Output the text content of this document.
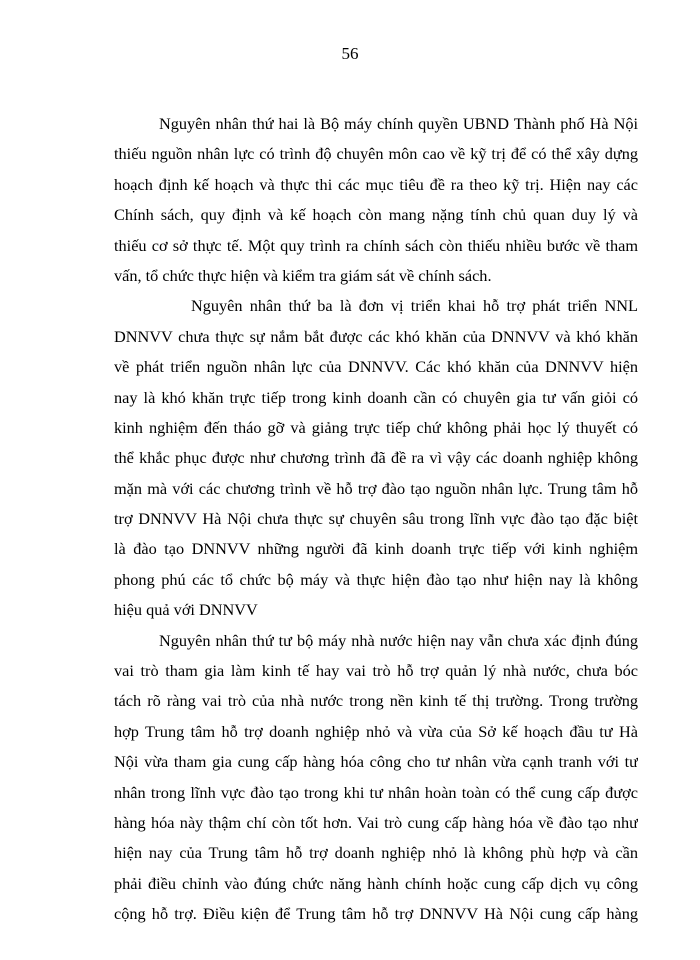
56
Nguyên nhân thứ hai là Bộ máy chính quyền UBND Thành phố Hà Nội
thiếu nguồn nhân lực có trình độ chuyên môn cao về kỹ trị để có thể xây dựng
hoạch định kế hoạch và thực thi các mục tiêu đề ra theo kỹ trị. Hiện nay các
Chính sách, quy định và kế hoạch còn mang nặng tính chủ quan duy lý và
thiếu cơ sở thực tế. Một quy trình ra chính sách còn thiếu nhiều bước về tham
vấn, tổ chức thực hiện và kiểm tra giám sát về chính sách.
Nguyên nhân thứ ba là đơn vị triển khai hỗ trợ phát triển NNL
DNNVV chưa thực sự nắm bắt được các khó khăn của DNNVV và khó khăn
về phát triển nguồn nhân lực của DNNVV. Các khó khăn của DNNVV hiện
nay là khó khăn trực tiếp trong kinh doanh cần có chuyên gia tư vấn giỏi có
kinh nghiệm đến tháo gỡ và giảng trực tiếp chứ không phải học lý thuyết có
thể khắc phục được như chương trình đã đề ra vì vậy các doanh nghiệp không
mặn mà với các chương trình về hỗ trợ đào tạo nguồn nhân lực. Trung tâm hỗ
trợ DNNVV Hà Nội chưa thực sự chuyên sâu trong lĩnh vực đào tạo đặc biệt
là đào tạo DNNVV những người đã kinh doanh trực tiếp với kinh nghiệm
phong phú các tổ chức bộ máy và thực hiện đào tạo như hiện nay là không
hiệu quả với DNNVV
Nguyên nhân thứ tư bộ máy nhà nước hiện nay vẫn chưa xác định đúng
vai trò tham gia làm kinh tế hay vai trò hỗ trợ quản lý nhà nước, chưa bóc
tách rõ ràng vai trò của nhà nước trong nền kinh tế thị trường. Trong trường
hợp Trung tâm hỗ trợ doanh nghiệp nhỏ và vừa của Sở kế hoạch đầu tư Hà
Nội vừa tham gia cung cấp hàng hóa công cho tư nhân vừa cạnh tranh với tư
nhân trong lĩnh vực đào tạo trong khi tư nhân hoàn toàn có thể cung cấp được
hàng hóa này thậm chí còn tốt hơn. Vai trò cung cấp hàng hóa về đào tạo như
hiện nay của Trung tâm hỗ trợ doanh nghiệp nhỏ là không phù hợp và cần
phải điều chỉnh vào đúng chức năng hành chính hoặc cung cấp dịch vụ công
cộng hỗ trợ. Điều kiện để Trung tâm hỗ trợ DNNVV Hà Nội cung cấp hàng
